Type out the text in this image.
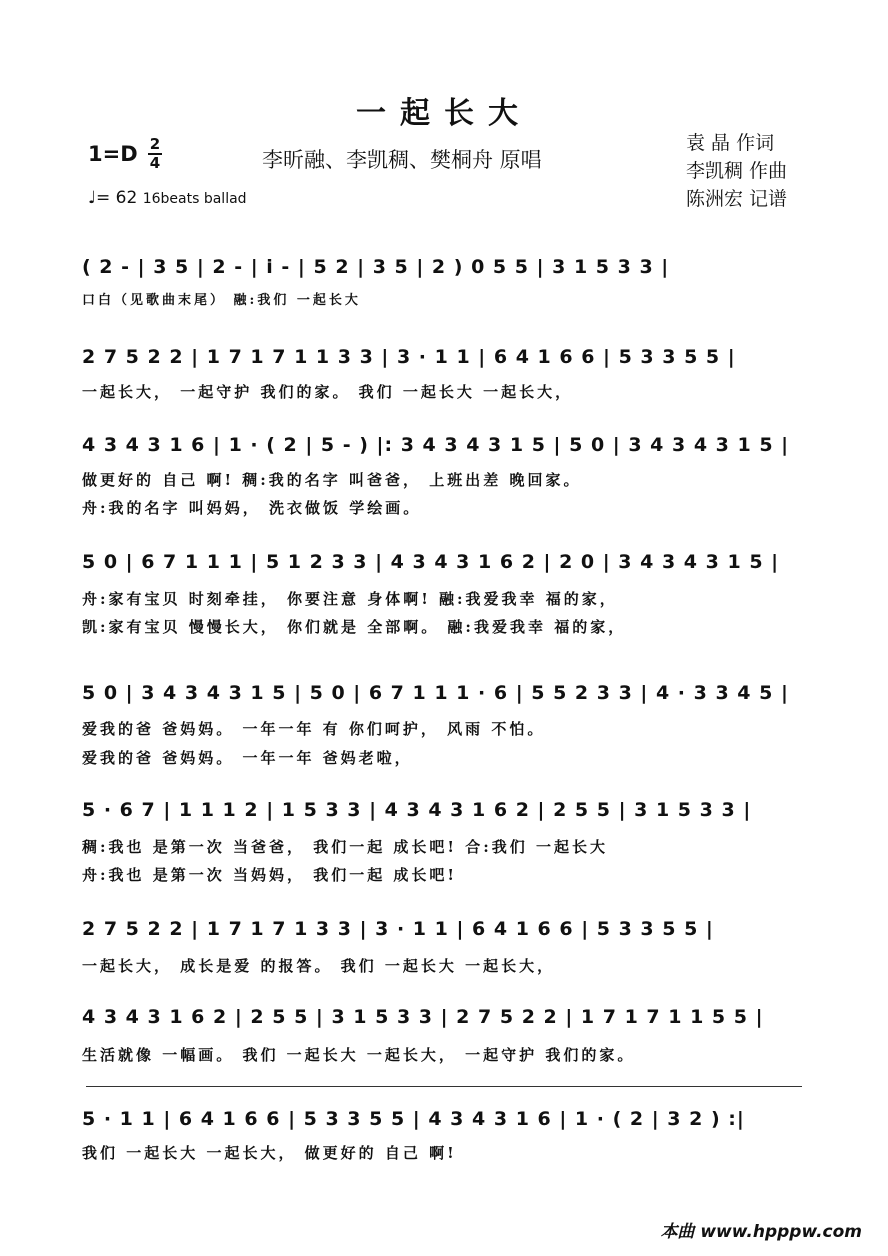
一起长大
1=D 2
4	李昕融、李凯稠、樊桐舟 原唱
袁 晶 作词
李凯稠 作曲
陈洲宏 记谱
♩= 62 16beats ballad
( 2 - | 3 5 | 2 - | i - | 5 2 | 3 5 | 2 ) 0 5 5 | 3 1 5 3 3 |
口白（见歌曲末尾） 融:我们 一起长大
2 7 5 2 2 | 1 7 1 7 1 1 3 3 | 3 · 1 1 | 6 4 1 6 6 | 5 3 3 5 5 |
一起长大， 一起守护 我们的家。 我们 一起长大 一起长大，
4 3 4 3 1 6 | 1 · ( 2 | 5 - ) |: 3 4 3 4 3 1 5 | 5 0 | 3 4 3 4 3 1 5 |
做更好的 自己 啊! 稠:我的名字 叫爸爸， 上班出差 晚回家。
舟:我的名字 叫妈妈， 洗衣做饭 学绘画。
5 0 | 6 7 1 1 1 | 5 1 2 3 3 | 4 3 4 3 1 6 2 | 2 0 | 3 4 3 4 3 1 5 |
舟:家有宝贝 时刻牵挂， 你要注意 身体啊! 融:我爱我幸 福的家，
凯:家有宝贝 慢慢长大， 你们就是 全部啊。 融:我爱我幸 福的家，
5 0 | 3 4 3 4 3 1 5 | 5 0 | 6 7 1 1 1 · 6 | 5 5 2 3 3 | 4 · 3 3 4 5 |
爱我的爸 爸妈妈。 一年一年 有 你们呵护， 风雨 不怕。
爱我的爸 爸妈妈。 一年一年 爸妈老啦，
5 · 6 7 | 1 1 1 2 | 1 5 3 3 | 4 3 4 3 1 6 2 | 2 5 5 | 3 1 5 3 3 |
稠:我也 是第一次 当爸爸， 我们一起 成长吧! 合:我们 一起长大
舟:我也 是第一次 当妈妈， 我们一起 成长吧!
2 7 5 2 2 | 1 7 1 7 1 3 3 | 3 · 1 1 | 6 4 1 6 6 | 5 3 3 5 5 |
一起长大， 成长是爱 的报答。 我们 一起长大 一起长大，
4 3 4 3 1 6 2 | 2 5 5 | 3 1 5 3 3 | 2 7 5 2 2 | 1 7 1 7 1 1 5 5 |
生活就像 一幅画。 我们 一起长大 一起长大， 一起守护 我们的家。
5 · 1 1 | 6 4 1 6 6 | 5 3 3 5 5 | 4 3 4 3 1 6 | 1 · ( 2 | 3 2 ) :|
我们 一起长大 一起长大， 做更好的 自己 啊!
本曲 www.hpppw.com
